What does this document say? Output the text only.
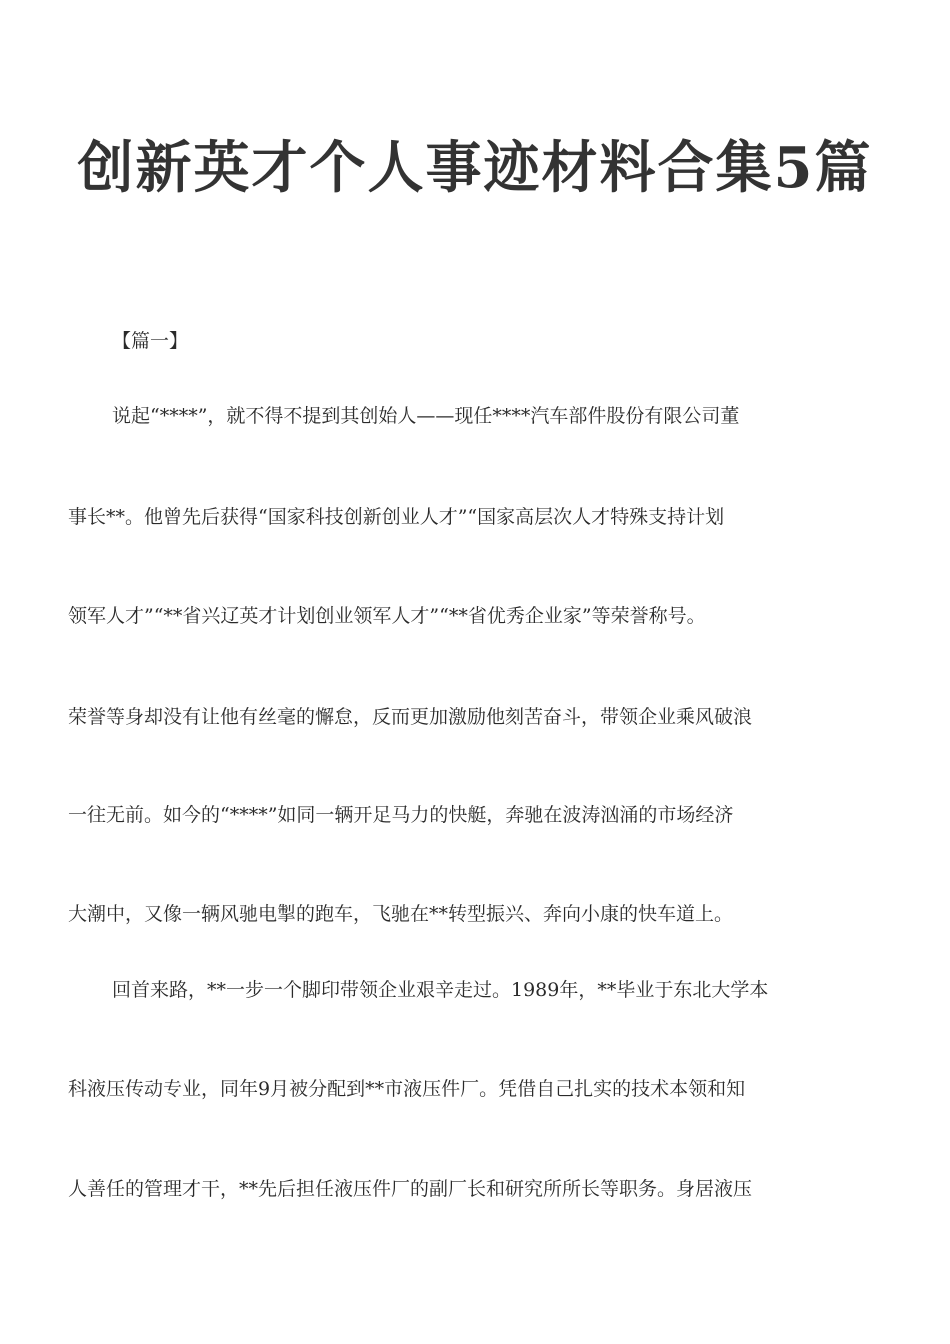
创新英才个人事迹材料合集5篇
【篇一】
说起“****”，就不得不提到其创始人——现任****汽车部件股份有限公司董
事长**。他曾先后获得“国家科技创新创业人才”“国家高层次人才特殊支持计划
领军人才”“**省兴辽英才计划创业领军人才”“**省优秀企业家”等荣誉称号。
荣誉等身却没有让他有丝毫的懈怠，反而更加激励他刻苦奋斗，带领企业乘风破浪
一往无前。如今的“****”如同一辆开足马力的快艇，奔驰在波涛汹涌的市场经济
大潮中，又像一辆风驰电掣的跑车，飞驰在**转型振兴、奔向小康的快车道上。
回首来路，**一步一个脚印带领企业艰辛走过。1989年，**毕业于东北大学本
科液压传动专业，同年9月被分配到**市液压件厂。凭借自己扎实的技术本领和知
人善任的管理才干，**先后担任液压件厂的副厂长和研究所所长等职务。身居液压
